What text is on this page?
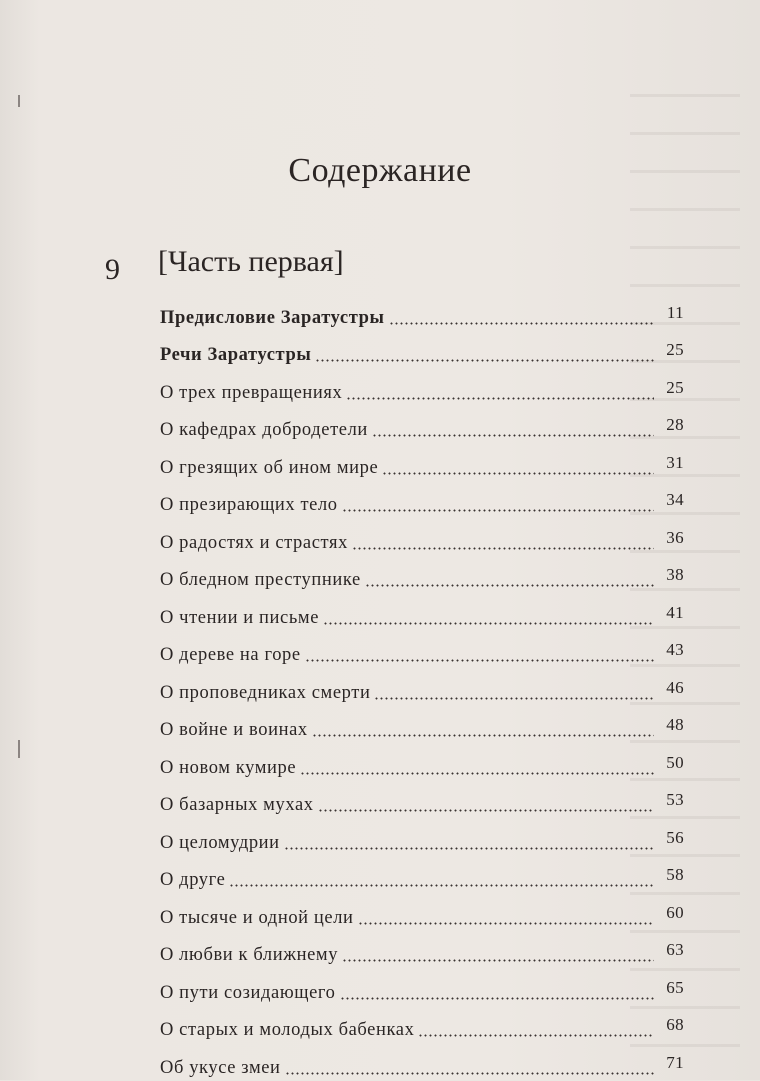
Содержание
9 [Часть первая]
Предисловие Заратустры	11
Речи Заратустры	25
О трех превращениях	25
О кафедрах добродетели	28
О грезящих об ином мире	31
О презирающих тело	34
О радостях и страстях	36
О бледном преступнике	38
О чтении и письме	41
О дереве на горе	43
О проповедниках смерти	46
О войне и воинах	48
О новом кумире	50
О базарных мухах	53
О целомудрии	56
О друге	58
О тысяче и одной цели	60
О любви к ближнему	63
О пути созидающего	65
О старых и молодых бабенках	68
Об укусе змеи	71
